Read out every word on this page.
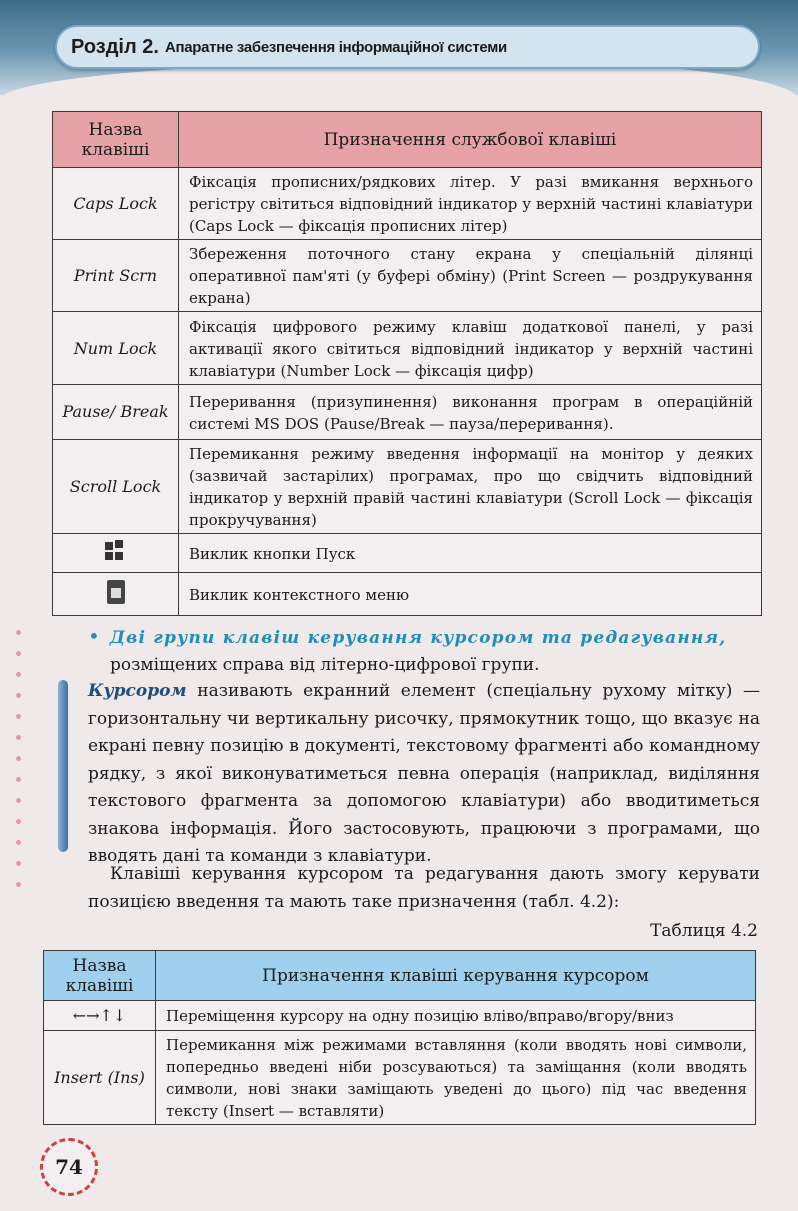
Розділ 2. Апаратне забезпечення інформаційної системи
Назва клавіші	Призначення службової клавіші
Caps Lock	Фіксація прописних/рядкових літер. У разі вмикання верхнього регістру світиться відповідний індикатор у верхній частині клавіатури (Caps Lock — фіксація прописних літер)
Print Scrn	Збереження поточного стану екрана у спеціальній ділянці оперативної пам'яті (у буфері обміну) (Print Screen — роздрукування екрана)
Num Lock	Фіксація цифрового режиму клавіш додаткової панелі, у разі активації якого світиться відповідний індикатор у верхній частині клавіатури (Number Lock — фіксація цифр)
Pause/ Break	Переривання (призупинення) виконання програм в операційній системі MS DOS (Pause/Break — пауза/переривання).
Scroll Lock	Перемикання режиму введення інформації на монітор у деяких (зазвичай застарілих) програмах, про що свідчить відповідний індикатор у верхній правій частині клавіатури (Scroll Lock — фіксація прокручування)

	Виклик кнопки Пуск
	Виклик контекстного меню
• Дві групи клавіш керування курсором та редагування,
розміщених справа від літерно-цифрової групи.

Курсором називають екранний елемент (спеціальну рухому мітку) — горизонтальну чи вертикальну рисочку, прямокутник тощо, що вказує на екрані певну позицію в документі, текстовому фрагменті або командному рядку, з якої виконуватиметься певна операція (наприклад, виділяння текстового фрагмента за допомогою клавіатури) або вводитиметься знакова інформація. Його застосовують, працюючи з програмами, що вводять дані та команди з клавіатури.

Клавіші керування курсором та редагування дають змогу керувати позицією введення та мають таке призначення (табл. 4.2):
Таблиця 4.2
Назва клавіші	Призначення клавіші керування курсором
←→↑↓	Переміщення курсору на одну позицію вліво/вправо/вгору/вниз
Insert (Ins)	Перемикання між режимами вставляння (коли вводять нові символи, попередньо введені ніби розсуваються) та заміщання (коли вводять символи, нові знаки заміщають уведені до цього) під час введення тексту (Insert — вставляти)
74
